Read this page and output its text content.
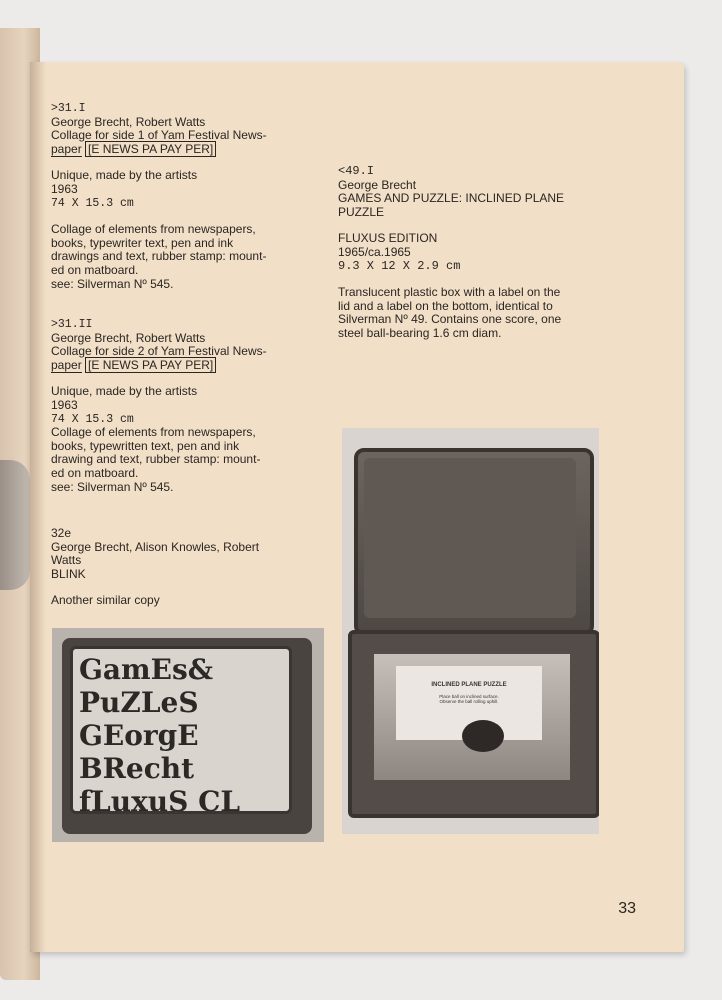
>31.I
George Brecht, Robert Watts
Collage for side 1 of Yam Festival News-
paper [E NEWS PA PAY PER]
Unique, made by the artists
1963
74 X 15.3 cm
Collage of elements from newspapers,
books, typewriter text, pen and ink
drawings and text, rubber stamp: mount-
ed on matboard.
see: Silverman Nº 545.
>31.II
George Brecht, Robert Watts
Collage for side 2 of Yam Festival News-
paper [E NEWS PA PAY PER]
Unique, made by the artists
1963
74 X 15.3 cm
Collage of elements from newspapers,
books, typewritten text, pen and ink
drawing and text, rubber stamp: mount-
ed on matboard.
see: Silverman Nº 545.
32e
George Brecht, Alison Knowles, Robert
Watts
BLINK
Another similar copy
<49.I
George Brecht
GAMES AND PUZZLE: INCLINED PLANE
PUZZLE
FLUXUS EDITION
1965/ca.1965
9.3 X 12 X 2.9 cm
Translucent plastic box with a label on the
lid and a label on the bottom, identical to
Silverman Nº 49. Contains one score, one
steel ball-bearing 1.6 cm diam.
GamEs&
PuZLeS
GEorgE
BRecht
fLuxuS CL
INCLINED PLANE PUZZLE
Place ball on inclined surface.
Observe the ball rolling uphill.
33
